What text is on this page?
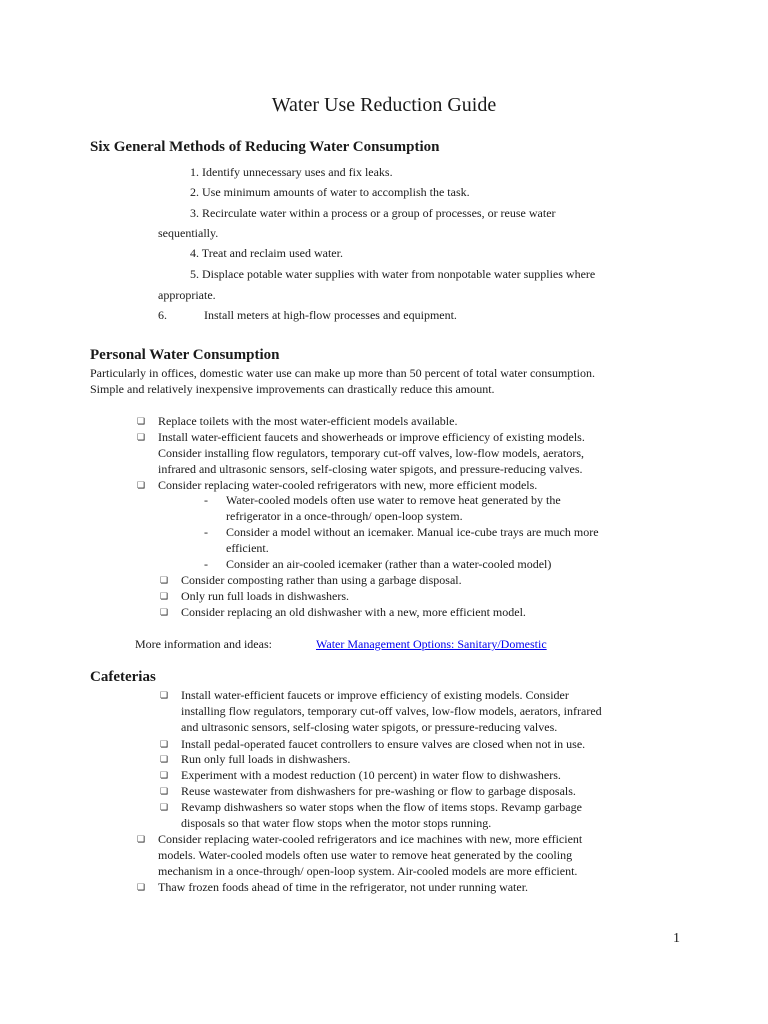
Water Use Reduction Guide
Six General Methods of Reducing Water Consumption

1. Identify unnecessary uses and fix leaks.

2. Use minimum amounts of water to accomplish the task.

3. Recirculate water within a process or a group of processes, or reuse water

sequentially.

4. Treat and reclaim used water.

5. Displace potable water supplies with water from nonpotable water supplies where

appropriate.

6.	Install meters at high-flow processes and equipment.

Personal Water Consumption

Particularly in offices, domestic water use can make up more than 50 percent of total water consumption.

Simple and relatively inexpensive improvements can drastically reduce this amount.

❏ Replace toilets with the most water-efficient models available.

❏ Install water-efficient faucets and showerheads or improve efficiency of existing models.

Consider installing flow regulators, temporary cut-off valves, low-flow models, aerators,

infrared and ultrasonic sensors, self-closing water spigots, and pressure-reducing valves.

❏ Consider replacing water-cooled refrigerators with new, more efficient models.

- Water-cooled models often use water to remove heat generated by the

refrigerator in a once-through/ open-loop system.

- Consider a model without an icemaker. Manual ice-cube trays are much more

efficient.

- Consider an air-cooled icemaker (rather than a water-cooled model)

❏ Consider composting rather than using a garbage disposal.

❏ Only run full loads in dishwashers.

❏ Consider replacing an old dishwasher with a new, more efficient model.

More information and ideas:	Water Management Options: Sanitary/Domestic
Cafeterias
❏ Install water-efficient faucets or improve efficiency of existing models. Consider

installing flow regulators, temporary cut-off valves, low-flow models, aerators, infrared

and ultrasonic sensors, self-closing water spigots, or pressure-reducing valves.

❏ Install pedal-operated faucet controllers to ensure valves are closed when not in use.

❏ Run only full loads in dishwashers.

❏ Experiment with a modest reduction (10 percent) in water flow to dishwashers.

❏ Reuse wastewater from dishwashers for pre-washing or flow to garbage disposals.

❏ Revamp dishwashers so water stops when the flow of items stops. Revamp garbage

disposals so that water flow stops when the motor stops running.

❏ Consider replacing water-cooled refrigerators and ice machines with new, more efficient

models. Water-cooled models often use water to remove heat generated by the cooling

mechanism in a once-through/ open-loop system. Air-cooled models are more efficient.

❏ Thaw frozen foods ahead of time in the refrigerator, not under running water.

1
